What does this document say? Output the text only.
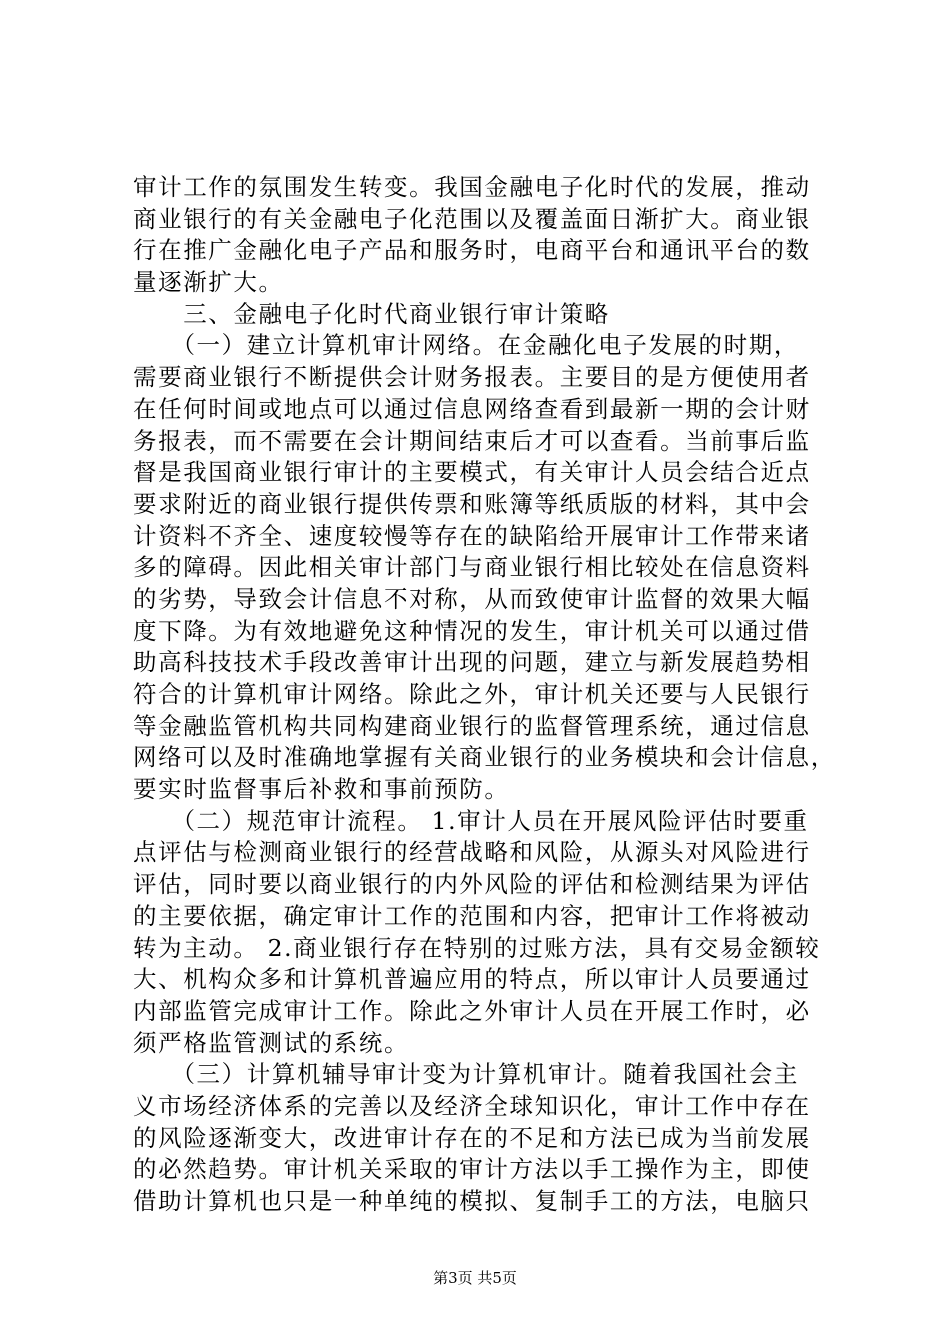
审计工作的氛围发生转变。我国金融电子化时代的发展，推动
商业银行的有关金融电子化范围以及覆盖面日渐扩大。商业银
行在推广金融化电子产品和服务时，电商平台和通讯平台的数
量逐渐扩大。
　　三、金融电子化时代商业银行审计策略
　　（一）建立计算机审计网络。在金融化电子发展的时期，
需要商业银行不断提供会计财务报表。主要目的是方便使用者
在任何时间或地点可以通过信息网络查看到最新一期的会计财
务报表，而不需要在会计期间结束后才可以查看。当前事后监
督是我国商业银行审计的主要模式，有关审计人员会结合近点
要求附近的商业银行提供传票和账簿等纸质版的材料，其中会
计资料不齐全、速度较慢等存在的缺陷给开展审计工作带来诸
多的障碍。因此相关审计部门与商业银行相比较处在信息资料
的劣势，导致会计信息不对称，从而致使审计监督的效果大幅
度下降。为有效地避免这种情况的发生，审计机关可以通过借
助高科技技术手段改善审计出现的问题，建立与新发展趋势相
符合的计算机审计网络。除此之外，审计机关还要与人民银行
等金融监管机构共同构建商业银行的监督管理系统，通过信息
网络可以及时准确地掌握有关商业银行的业务模块和会计信息，
要实时监督事后补救和事前预防。
　　（二）规范审计流程。 1.审计人员在开展风险评估时要重
点评估与检测商业银行的经营战略和风险，从源头对风险进行
评估，同时要以商业银行的内外风险的评估和检测结果为评估
的主要依据，确定审计工作的范围和内容，把审计工作将被动
转为主动。 2.商业银行存在特别的过账方法，具有交易金额较
大、机构众多和计算机普遍应用的特点，所以审计人员要通过
内部监管完成审计工作。除此之外审计人员在开展工作时，必
须严格监管测试的系统。
　　（三）计算机辅导审计变为计算机审计。随着我国社会主
义市场经济体系的完善以及经济全球知识化，审计工作中存在
的风险逐渐变大，改进审计存在的不足和方法已成为当前发展
的必然趋势。审计机关采取的审计方法以手工操作为主，即使
借助计算机也只是一种单纯的模拟、复制手工的方法，电脑只
第3页 共5页
